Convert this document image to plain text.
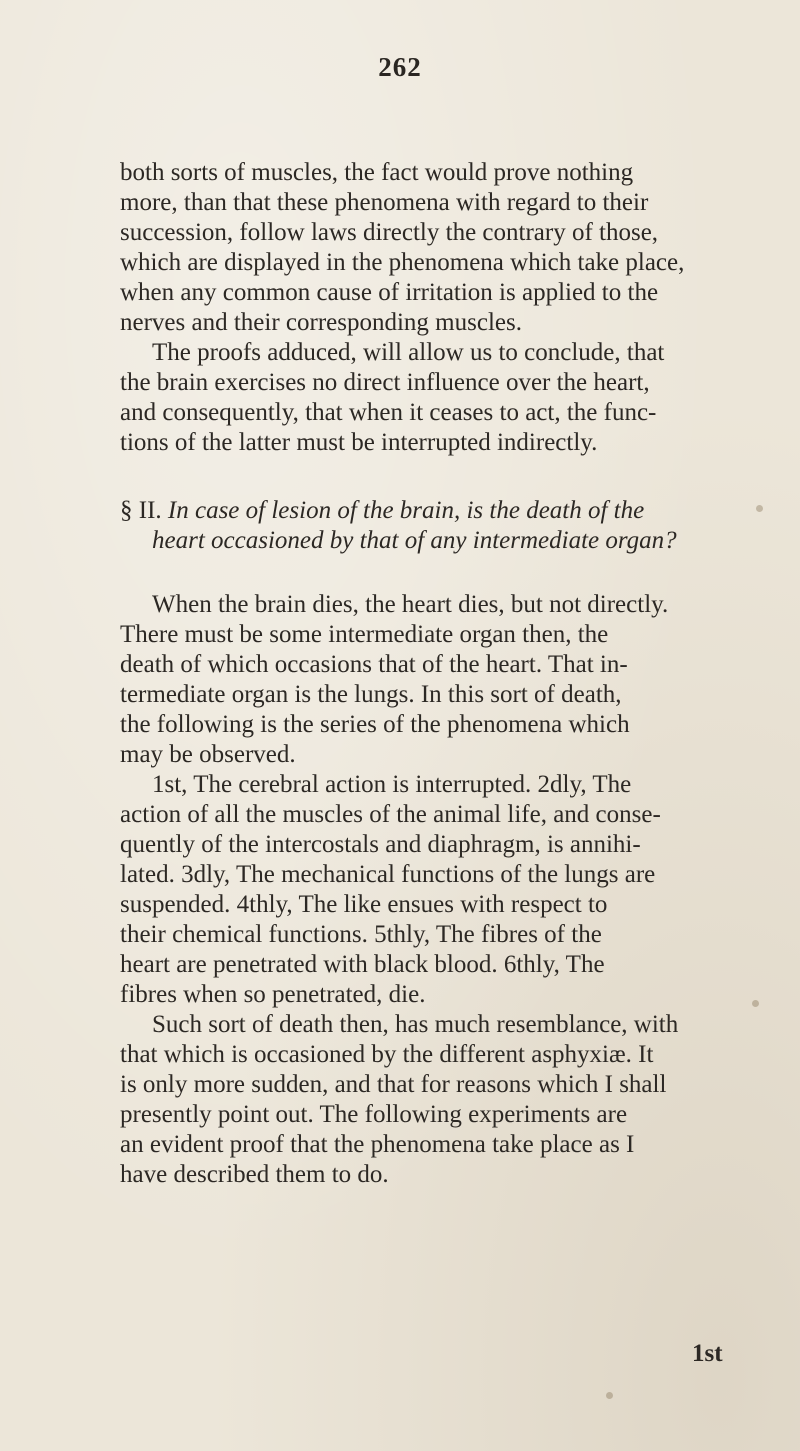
262

both sorts of muscles, the fact would prove nothing

more, than that these phenomena with regard to their

succession, follow laws directly the contrary of those,

which are displayed in the phenomena which take place,

when any common cause of irritation is applied to the

nerves and their corresponding muscles.

The proofs adduced, will allow us to conclude, that

the brain exercises no direct influence over the heart,

and consequently, that when it ceases to act, the func-

tions of the latter must be interrupted indirectly.

§ II. In case of lesion of the brain, is the death of the

heart occasioned by that of any intermediate organ?

When the brain dies, the heart dies, but not directly.

There must be some intermediate organ then, the

death of which occasions that of the heart. That in-

termediate organ is the lungs. In this sort of death,

the following is the series of the phenomena which

may be observed.

1st, The cerebral action is interrupted. 2dly, The

action of all the muscles of the animal life, and conse-

quently of the intercostals and diaphragm, is annihi-

lated. 3dly, The mechanical functions of the lungs are

suspended. 4thly, The like ensues with respect to

their chemical functions. 5thly, The fibres of the

heart are penetrated with black blood. 6thly, The

fibres when so penetrated, die.

Such sort of death then, has much resemblance, with

that which is occasioned by the different asphyxiæ. It

is only more sudden, and that for reasons which I shall

presently point out. The following experiments are

an evident proof that the phenomena take place as I

have described them to do.

1st
